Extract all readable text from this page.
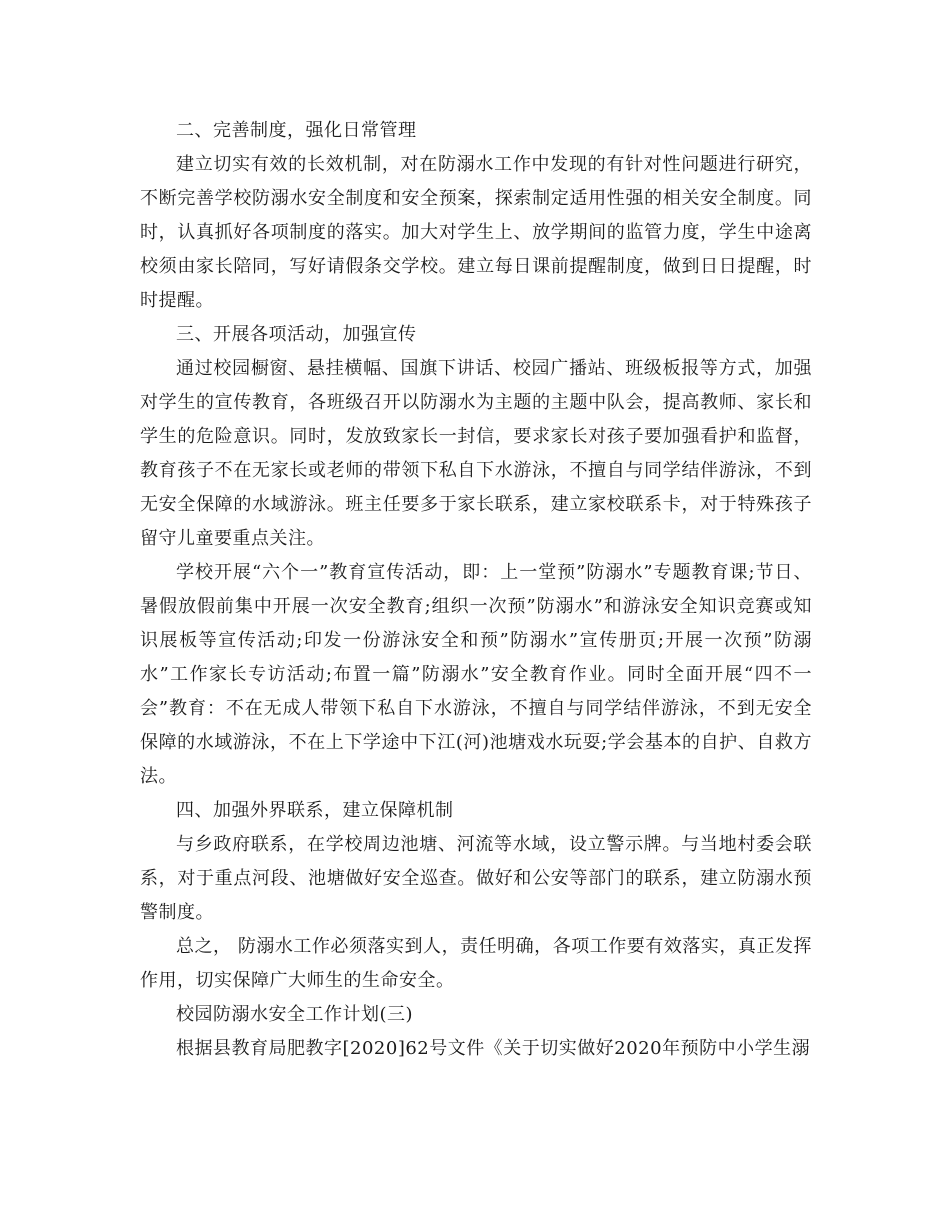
二、完善制度，强化日常管理

建立切实有效的长效机制，对在防溺水工作中发现的有针对性问题进行研究，不断完善学校防溺水安全制度和安全预案，探索制定适用性强的相关安全制度。同时，认真抓好各项制度的落实。加大对学生上、放学期间的监管力度，学生中途离校须由家长陪同，写好请假条交学校。建立每日课前提醒制度，做到日日提醒，时时提醒。

三、开展各项活动，加强宣传

通过校园橱窗、悬挂横幅、国旗下讲话、校园广播站、班级板报等方式，加强对学生的宣传教育，各班级召开以防溺水为主题的主题中队会，提高教师、家长和学生的危险意识。同时，发放致家长一封信，要求家长对孩子要加强看护和监督，教育孩子不在无家长或老师的带领下私自下水游泳，不擅自与同学结伴游泳，不到无安全保障的水域游泳。班主任要多于家长联系，建立家校联系卡，对于特殊孩子留守儿童要重点关注。

学校开展“六个一”教育宣传活动，即：上一堂预”防溺水”专题教育课;节日、暑假放假前集中开展一次安全教育;组织一次预”防溺水”和游泳安全知识竞赛或知识展板等宣传活动;印发一份游泳安全和预”防溺水”宣传册页;开展一次预”防溺水”工作家长专访活动;布置一篇”防溺水”安全教育作业。同时全面开展“四不一会”教育：不在无成人带领下私自下水游泳，不擅自与同学结伴游泳，不到无安全保障的水域游泳，不在上下学途中下江(河)池塘戏水玩耍;学会基本的自护、自救方法。

四、加强外界联系，建立保障机制

与乡政府联系，在学校周边池塘、河流等水域，设立警示牌。与当地村委会联系，对于重点河段、池塘做好安全巡查。做好和公安等部门的联系，建立防溺水预警制度。

总之， 防溺水工作必须落实到人，责任明确，各项工作要有效落实，真正发挥作用，切实保障广大师生的生命安全。

校园防溺水安全工作计划(三)

根据县教育局肥教字[2020]62号文件《关于切实做好2020年预防中小学生溺
